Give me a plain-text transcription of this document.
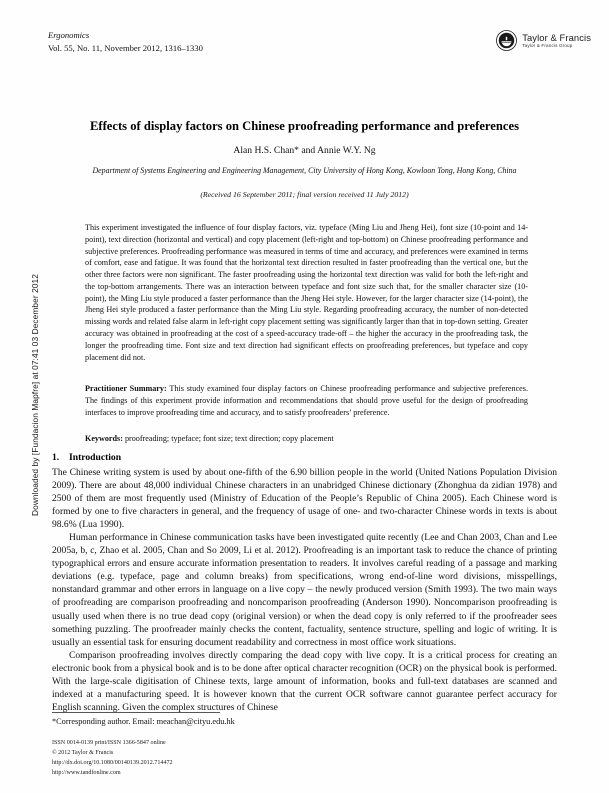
Downloaded by [Fundacion Mapfre] at 07:41 03 December 2012
Ergonomics
Vol. 55, No. 11, November 2012, 1316–1330
Taylor & Francis
Taylor & Francis Group
Effects of display factors on Chinese proofreading performance and preferences
Alan H.S. Chan* and Annie W.Y. Ng
Department of Systems Engineering and Engineering Management, City University of Hong Kong, Kowloon Tong, Hong Kong, China
(Received 16 September 2011; final version received 11 July 2012)

This experiment investigated the influence of four display factors, viz. typeface (Ming Liu and Jheng Hei), font size (10-point and 14-point), text direction (horizontal and vertical) and copy placement (left-right and top-bottom) on Chinese proofreading performance and subjective preferences. Proofreading performance was measured in terms of time and accuracy, and preferences were examined in terms of comfort, ease and fatigue. It was found that the horizontal text direction resulted in faster proofreading than the vertical one, but the other three factors were non significant. The faster proofreading using the horizontal text direction was valid for both the left-right and the top-bottom arrangements. There was an interaction between typeface and font size such that, for the smaller character size (10-point), the Ming Liu style produced a faster performance than the Jheng Hei style. However, for the larger character size (14-point), the Jheng Hei style produced a faster performance than the Ming Liu style. Regarding proofreading accuracy, the number of non-detected missing words and related false alarm in left-right copy placement setting was significantly larger than that in top-down setting. Greater accuracy was obtained in proofreading at the cost of a speed-accuracy trade-off – the higher the accuracy in the proofreading task, the longer the proofreading time. Font size and text direction had significant effects on proofreading preferences, but typeface and copy placement did not.

Practitioner Summary: This study examined four display factors on Chinese proofreading performance and subjective preferences. The findings of this experiment provide information and recommendations that should prove useful for the design of proofreading interfaces to improve proofreading time and accuracy, and to satisfy proofreaders’ preference.

Keywords: proofreading; typeface; font size; text direction; copy placement

1. Introduction

The Chinese writing system is used by about one-fifth of the 6.90 billion people in the world (United Nations Population Division 2009). There are about 48,000 individual Chinese characters in an unabridged Chinese dictionary (Zhonghua da zidian 1978) and 2500 of them are most frequently used (Ministry of Education of the People’s Republic of China 2005). Each Chinese word is formed by one to five characters in general, and the frequency of usage of one- and two-character Chinese words in texts is about 98.6% (Lua 1990).

Human performance in Chinese communication tasks have been investigated quite recently (Lee and Chan 2003, Chan and Lee 2005a, b, c, Zhao et al. 2005, Chan and So 2009, Li et al. 2012). Proofreading is an important task to reduce the chance of printing typographical errors and ensure accurate information presentation to readers. It involves careful reading of a passage and marking deviations (e.g. typeface, page and column breaks) from specifications, wrong end-of-line word divisions, misspellings, nonstandard grammar and other errors in language on a live copy – the newly produced version (Smith 1993). The two main ways of proofreading are comparison proofreading and noncomparison proofreading (Anderson 1990). Noncomparison proofreading is usually used when there is no true dead copy (original version) or when the dead copy is only referred to if the proofreader sees something puzzling. The proofreader mainly checks the content, factuality, sentence structure, spelling and logic of writing. It is usually an essential task for ensuring document readability and correctness in most office work situations.

Comparison proofreading involves directly comparing the dead copy with live copy. It is a critical process for creating an electronic book from a physical book and is to be done after optical character recognition (OCR) on the physical book is performed. With the large-scale digitisation of Chinese texts, large amount of information, books and full-text databases are scanned and indexed at a manufacturing speed. It is however known that the current OCR software cannot guarantee perfect accuracy for English scanning. Given the complex structures of Chinese

*Corresponding author. Email: meachan@cityu.edu.hk
ISSN 0014-0139 print/ISSN 1366-5847 online
© 2012 Taylor & Francis
http://dx.doi.org/10.1080/00140139.2012.714472
http://www.tandfonline.com
